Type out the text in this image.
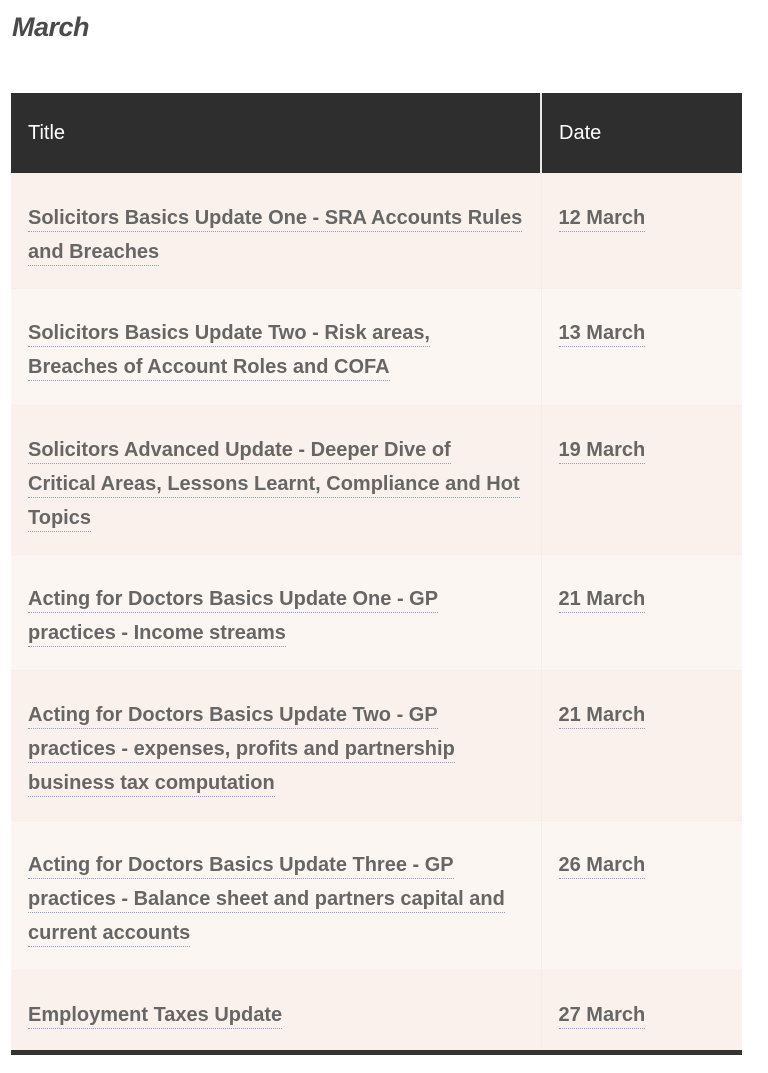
March
Title	Date
Solicitors Basics Update One - SRA Accounts Rules and Breaches	12 March
Solicitors Basics Update Two - Risk areas, Breaches of Account Roles and COFA	13 March
Solicitors Advanced Update - Deeper Dive of Critical Areas, Lessons Learnt, Compliance and Hot Topics	19 March
Acting for Doctors Basics Update One - GP practices - Income streams	21 March
Acting for Doctors Basics Update Two - GP practices - expenses, profits and partnership business tax computation	21 March
Acting for Doctors Basics Update Three - GP practices - Balance sheet and partners capital and current accounts	26 March
Employment Taxes Update	27 March
